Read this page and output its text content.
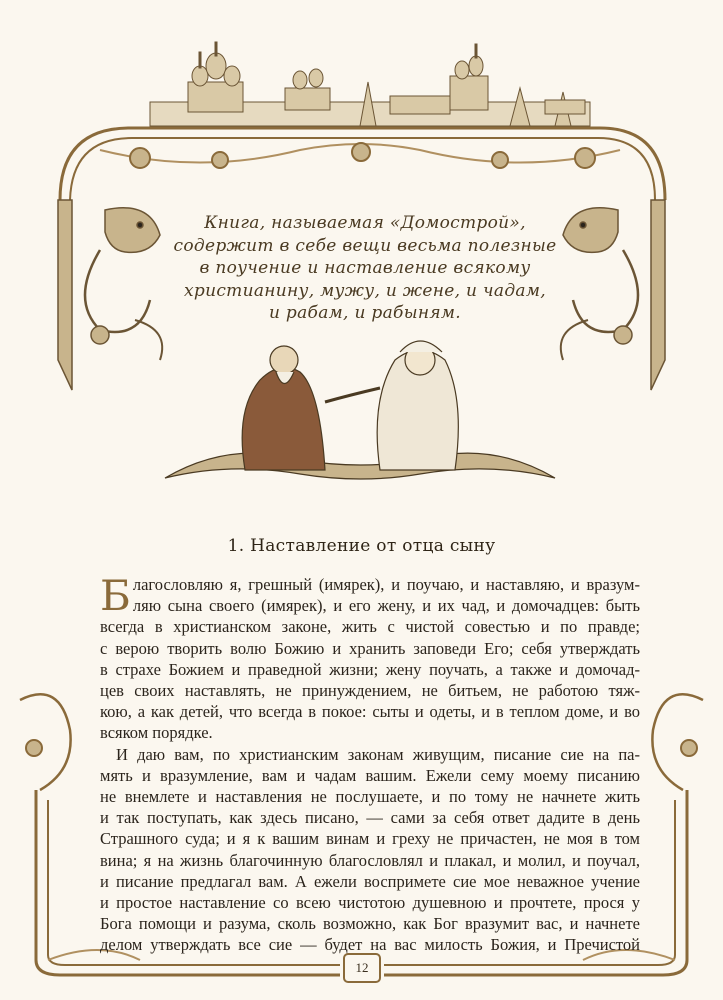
Книга, называемая «Домострой»,
содержит в себе вещи весьма полезные
в поучение и наставление всякому
христианину, мужу, и жене, и чадам,
и рабам, и рабыням.
1. Наставление от отца сыну
Б лагословляю я, грешный (имярек), и поучаю, и наставляю, и вразум-
ляю сына своего (имярек), и его жену, и их чад, и домочадцев: быть
всегда в христианском законе, жить с чистой совестью и по правде;
с верою творить волю Божию и хранить заповеди Его; себя утверждать
в страхе Божием и праведной жизни; жену поучать, а также и домочад-
цев своих наставлять, не принуждением, не битьем, не работою тяж-
кою, а как детей, что всегда в покое: сыты и одеты, и в теплом доме, и во
всяком порядке.
И даю вам, по христианским законам живущим, писание сие на па-
мять и вразумление, вам и чадам вашим. Ежели сему моему писанию
не внемлете и наставления не послушаете, и по тому не начнете жить
и так поступать, как здесь писано, — сами за себя ответ дадите в день
Страшного суда; и я к вашим винам и греху не причастен, не моя в том
вина; я на жизнь благочинную благословлял и плакал, и молил, и поучал,
и писание предлагал вам. А ежели воспримете сие мое неважное учение
и простое наставление со всею чистотою душевною и прочтете, прося у
Бога помощи и разума, сколь возможно, как Бог вразумит вас, и начнете
делом утверждать все сие — будет на вас милость Божия, и Пречистой
12
